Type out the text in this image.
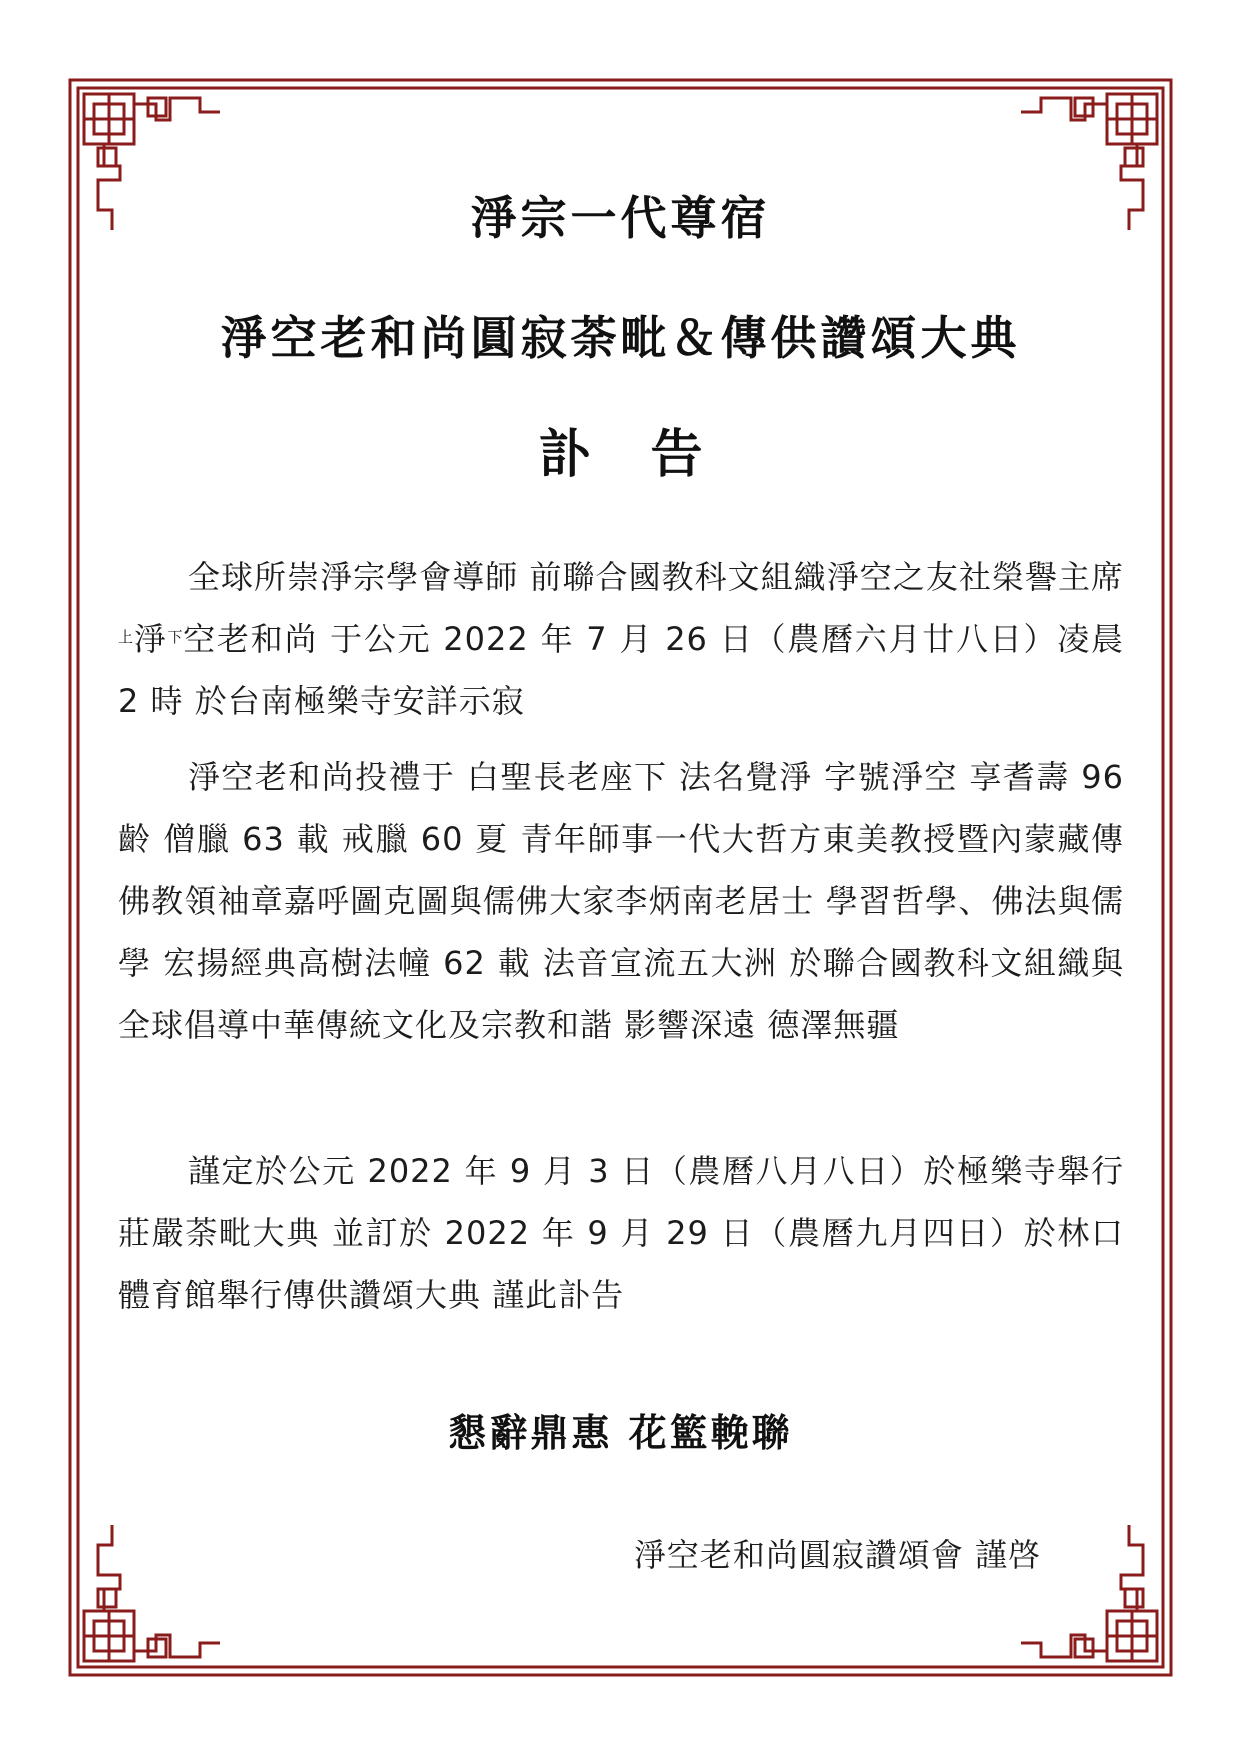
淨宗一代尊宿
淨空老和尚圓寂荼毗＆傳供讚頌大典
訃告
全球所崇淨宗學會導師 前聯合國教科文組織淨空之友社榮譽主席$^上$淨$^下$空老和尚 于公元 2022 年 7 月 26 日（農曆六月廿八日）凌晨 2 時 於台南極樂寺安詳示寂
淨空老和尚投禮于 白聖長老座下 法名覺淨 字號淨空 享耆壽 96 齡 僧臘 63 載 戒臘 60 夏 青年師事一代大哲方東美教授暨內蒙藏傳佛教領袖章嘉呼圖克圖與儒佛大家李炳南老居士 學習哲學、佛法與儒學 宏揚經典高樹法幢 62 載 法音宣流五大洲 於聯合國教科文組織與全球倡導中華傳統文化及宗教和諧 影響深遠 德澤無疆
謹定於公元 2022 年 9 月 3 日（農曆八月八日）於極樂寺舉行莊嚴荼毗大典 並訂於 2022 年 9 月 29 日（農曆九月四日）於林口體育館舉行傳供讚頌大典 謹此訃告
懇辭鼎惠 花籃輓聯
淨空老和尚圓寂讚頌會 謹啓
